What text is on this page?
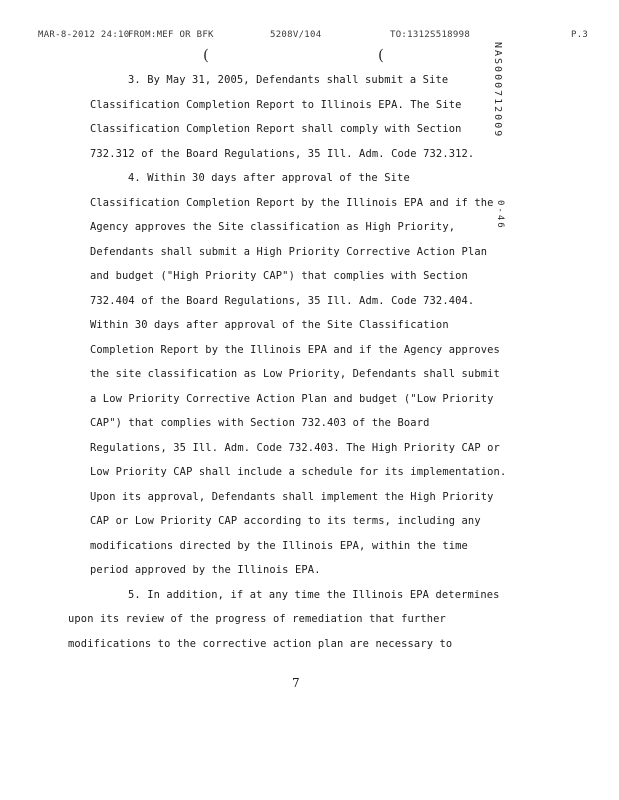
MAR-8-2012 24:10
FROM:MEF OR BFK	5208V/104	TO:1312S518998	P.3
(	(	NAS000712009
0-46
3. By May 31, 2005, Defendants shall submit a Site
Classification Completion Report to Illinois EPA. The Site
Classification Completion Report shall comply with Section
732.312 of the Board Regulations, 35 Ill. Adm. Code 732.312.
4. Within 30 days after approval of the Site
Classification Completion Report by the Illinois EPA and if the
Agency approves the Site classification as High Priority,
Defendants shall submit a High Priority Corrective Action Plan
and budget ("High Priority CAP") that complies with Section
732.404 of the Board Regulations, 35 Ill. Adm. Code 732.404.
Within 30 days after approval of the Site Classification
Completion Report by the Illinois EPA and if the Agency approves
the site classification as Low Priority, Defendants shall submit
a Low Priority Corrective Action Plan and budget ("Low Priority
CAP") that complies with Section 732.403 of the Board
Regulations, 35 Ill. Adm. Code 732.403. The High Priority CAP or
Low Priority CAP shall include a schedule for its implementation.
Upon its approval, Defendants shall implement the High Priority
CAP or Low Priority CAP according to its terms, including any
modifications directed by the Illinois EPA, within the time
period approved by the Illinois EPA.
5. In addition, if at any time the Illinois EPA determines
upon its review of the progress of remediation that further
modifications to the corrective action plan are necessary to
7
